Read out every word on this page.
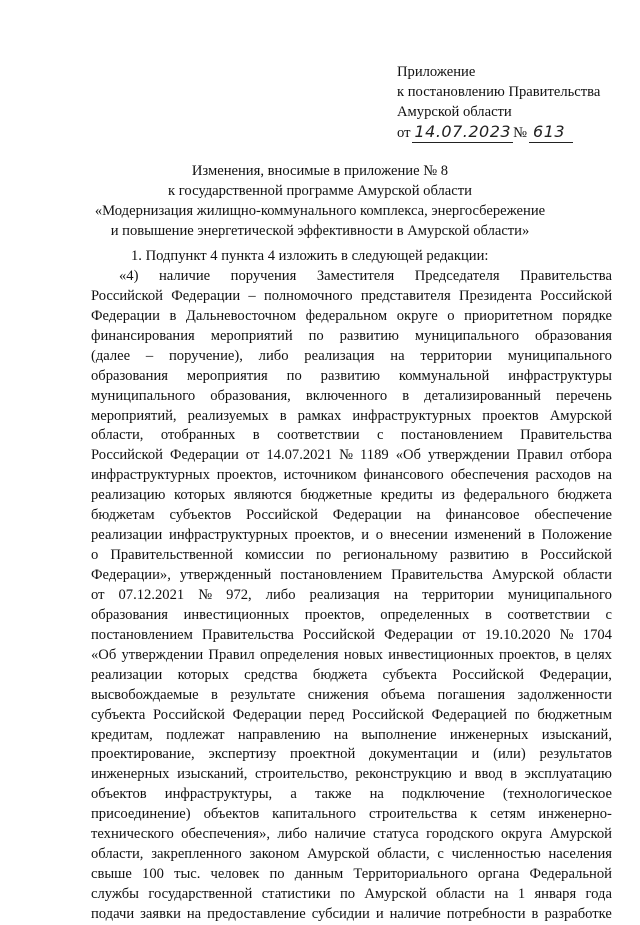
Приложение
к постановлению Правительства
Амурской области
от 14.07.2023 № 613
Изменения, вносимые в приложение № 8
к государственной программе Амурской области
«Модернизация жилищно-коммунального комплекса, энергосбережение
и повышение энергетической эффективности в Амурской области»
1. Подпункт 4 пункта 4 изложить в следующей редакции:
«4) наличие поручения Заместителя Председателя Правительства
Российской Федерации – полномочного представителя Президента Российской
Федерации в Дальневосточном федеральном округе о приоритетном порядке
финансирования мероприятий по развитию муниципального образования
(далее – поручение), либо реализация на территории муниципального
образования мероприятия по развитию коммунальной инфраструктуры
муниципального образования, включенного в детализированный перечень
мероприятий, реализуемых в рамках инфраструктурных проектов Амурской
области, отобранных в соответствии с постановлением Правительства
Российской Федерации от 14.07.2021 № 1189 «Об утверждении Правил отбора
инфраструктурных проектов, источником финансового обеспечения расходов на
реализацию которых являются бюджетные кредиты из федерального бюджета
бюджетам субъектов Российской Федерации на финансовое обеспечение
реализации инфраструктурных проектов, и о внесении изменений в Положение
о Правительственной комиссии по региональному развитию в Российской
Федерации», утвержденный постановлением Правительства Амурской области
от 07.12.2021 № 972, либо реализация на территории муниципального
образования инвестиционных проектов, определенных в соответствии с
постановлением Правительства Российской Федерации от 19.10.2020 № 1704
«Об утверждении Правил определения новых инвестиционных проектов, в целях
реализации которых средства бюджета субъекта Российской Федерации,
высвобождаемые в результате снижения объема погашения задолженности
субъекта Российской Федерации перед Российской Федерацией по бюджетным
кредитам, подлежат направлению на выполнение инженерных изысканий,
проектирование, экспертизу проектной документации и (или) результатов
инженерных изысканий, строительство, реконструкцию и ввод в эксплуатацию
объектов инфраструктуры, а также на подключение (технологическое
присоединение) объектов капитального строительства к сетям инженерно-
технического обеспечения», либо наличие статуса городского округа Амурской
области, закрепленного законом Амурской области, с численностью населения
свыше 100 тыс. человек по данным Территориального органа Федеральной
службы государственной статистики по Амурской области на 1 января года
подачи заявки на предоставление субсидии и наличие потребности в разработке
